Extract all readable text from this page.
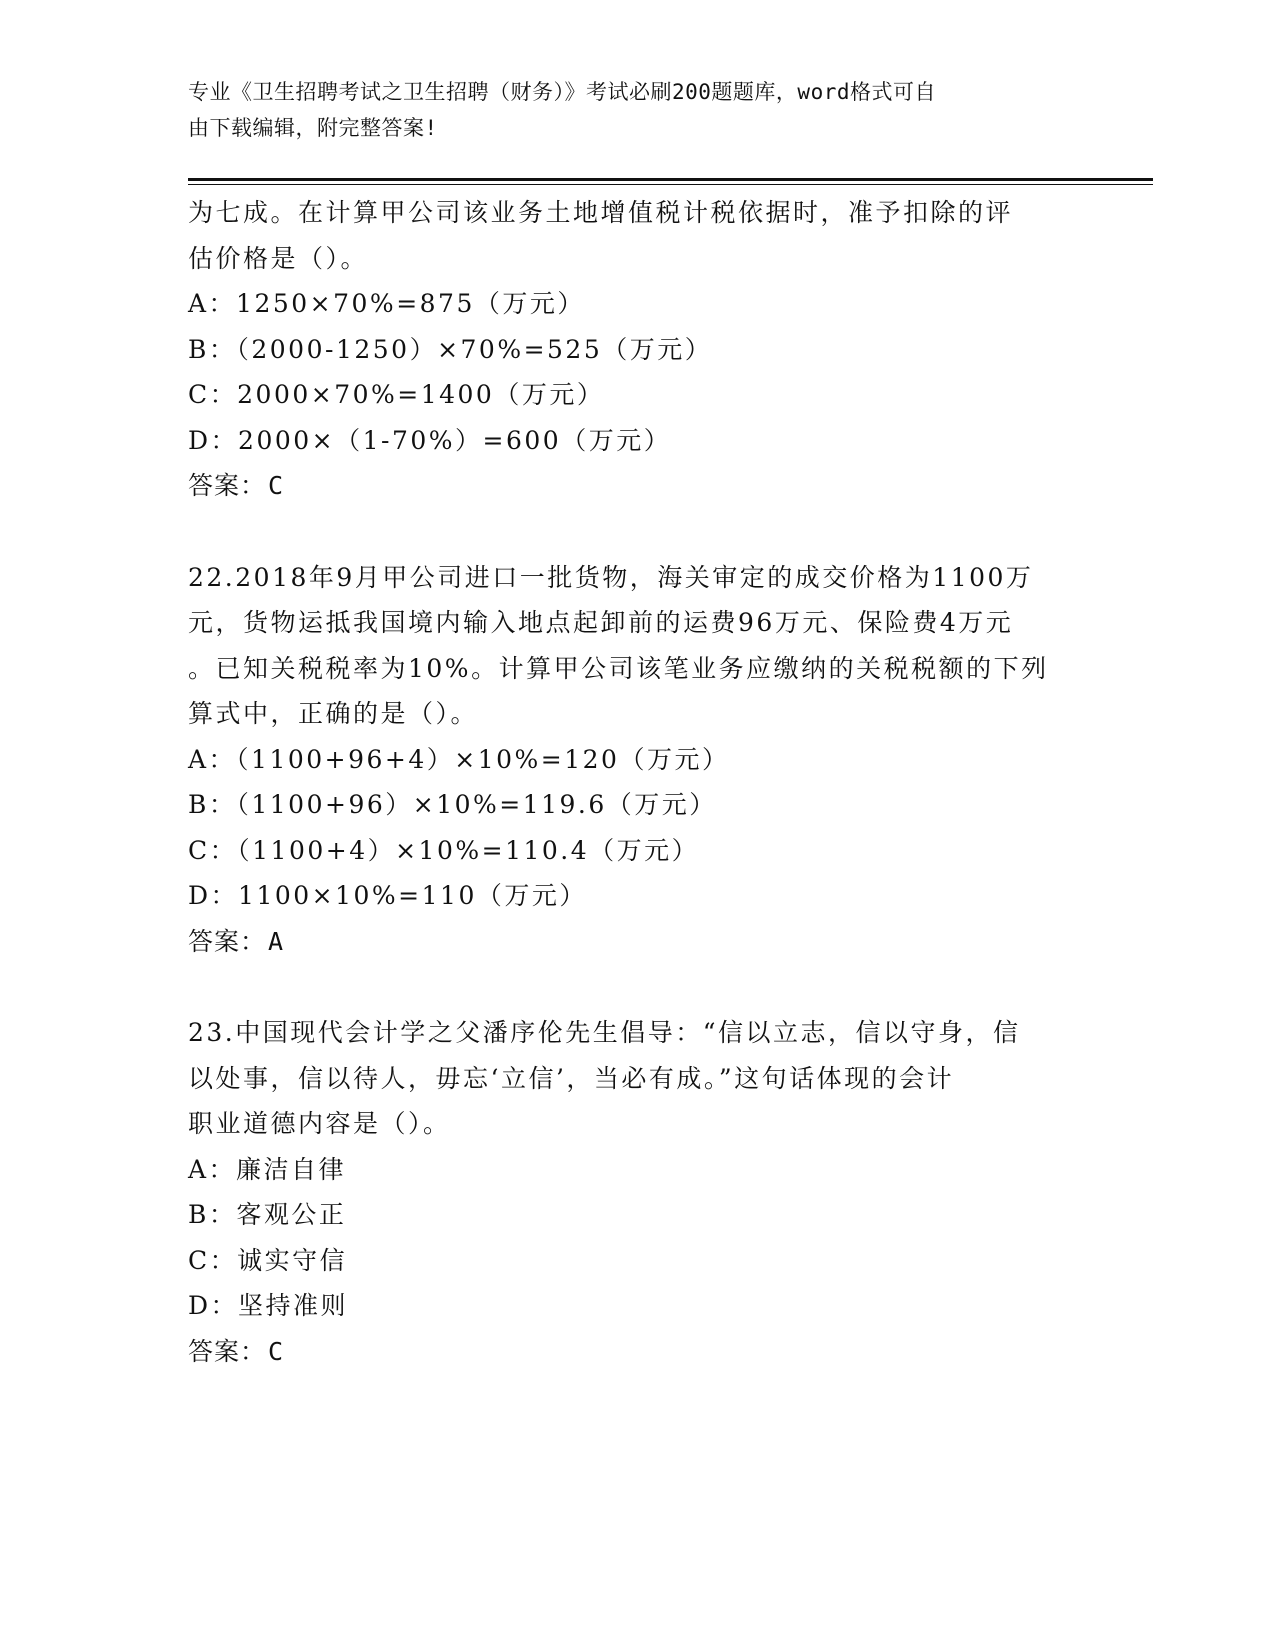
专业《卫生招聘考试之卫生招聘（财务）》考试必刷200题题库，word格式可自
由下载编辑，附完整答案!
为七成。在计算甲公司该业务土地增值税计税依据时，准予扣除的评
估价格是（）。
A：1250×70%=875（万元）
B：（2000-1250）×70%=525（万元）
C：2000×70%=1400（万元）
D：2000×（1-70%）=600（万元）
答案：C
22.2018年9月甲公司进口一批货物，海关审定的成交价格为1100万
元，货物运抵我国境内输入地点起卸前的运费96万元、保险费4万元
。已知关税税率为10%。计算甲公司该笔业务应缴纳的关税税额的下列
算式中，正确的是（）。
A：（1100+96+4）×10%=120（万元）
B：（1100+96）×10%=119.6（万元）
C：（1100+4）×10%=110.4（万元）
D：1100×10%=110（万元）
答案：A
23.中国现代会计学之父潘序伦先生倡导：“信以立志，信以守身，信
以处事，信以待人，毋忘‘立信’，当必有成。”这句话体现的会计
职业道德内容是（）。
A：廉洁自律
B：客观公正
C：诚实守信
D：坚持准则
答案：C
